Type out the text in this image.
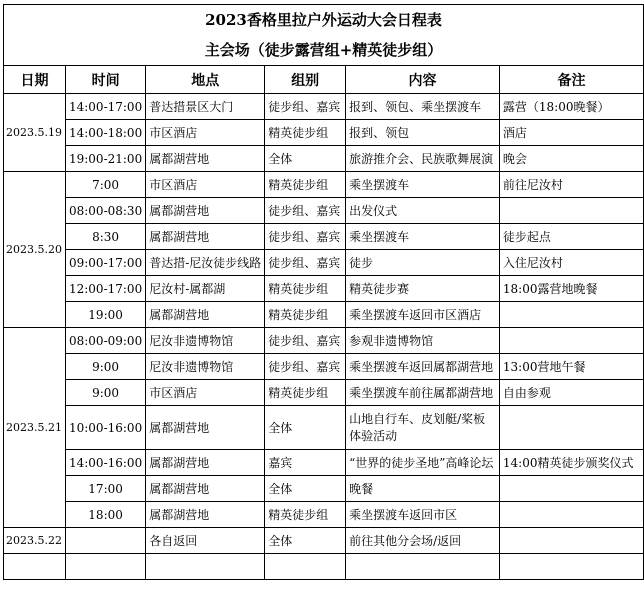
2023香格里拉户外运动大会日程表					
主会场（徒步露营组+精英徒步组）					
日期	时间	地点	组别	内容	备注
2023.5.19	14:00-17:00	普达措景区大门	徒步组、嘉宾	报到、领包、乘坐摆渡车	露营（18:00晚餐）
	14:00-18:00	市区酒店	精英徒步组	报到、领包	酒店
	19:00-21:00	属都湖营地	全体	旅游推介会、民族歌舞展演	晚会
2023.5.20	7:00	市区酒店	精英徒步组	乘坐摆渡车	前往尼汝村
	08:00-08:30	属都湖营地	徒步组、嘉宾	出发仪式	
	8:30	属都湖营地	徒步组、嘉宾	乘坐摆渡车	徒步起点
	09:00-17:00	普达措-尼汝徒步线路	徒步组、嘉宾	徒步	入住尼汝村
	12:00-17:00	尼汝村-属都湖	精英徒步组	精英徒步赛	18:00露营地晚餐
	19:00	属都湖营地	精英徒步组	乘坐摆渡车返回市区酒店	
2023.5.21	08:00-09:00	尼汝非遗博物馆	徒步组、嘉宾	参观非遗博物馆	
	9:00	尼汝非遗博物馆	徒步组、嘉宾	乘坐摆渡车返回属都湖营地	13:00营地午餐
	9:00	市区酒店	精英徒步组	乘坐摆渡车前往属都湖营地	自由参观
	10:00-16:00	属都湖营地	全体	山地自行车、皮划艇/桨板体验活动	
	14:00-16:00	属都湖营地	嘉宾	“世界的徒步圣地”高峰论坛	14:00精英徒步颁奖仪式
	17:00	属都湖营地	全体	晚餐	
	18:00	属都湖营地	精英徒步组	乘坐摆渡车返回市区	
2023.5.22		各自返回	全体	前往其他分会场/返回	
